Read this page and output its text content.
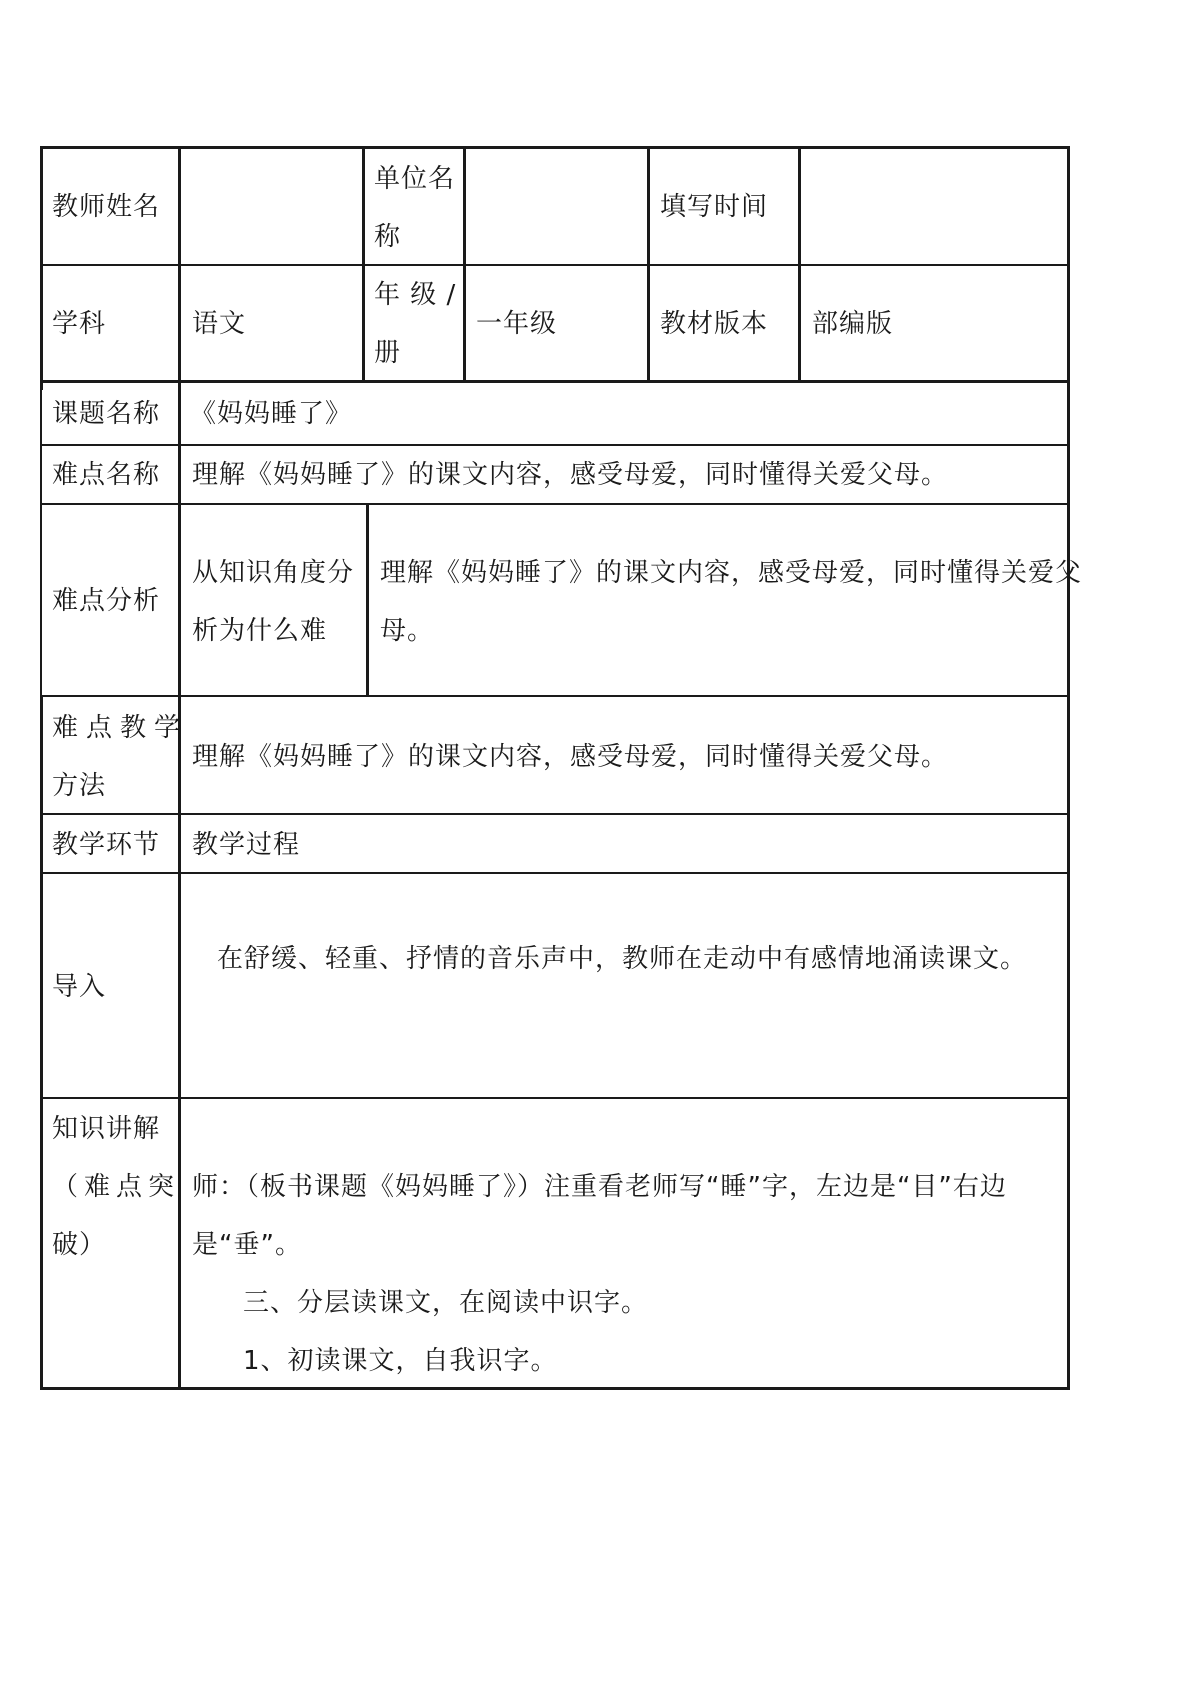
教师姓名
单位名
称
填写时间
学科	语文
年 级 /
册
一年级	教材版本 部编版
课题名称 《妈妈睡了》
难点名称 理解《妈妈睡了》的课文内容，感受母爱，同时懂得关爱父母。
难点分析
从知识角度分
析为什么难
理解《妈妈睡了》的课文内容，感受母爱，同时懂得关爱父
母。
难点教学
方法
理解《妈妈睡了》的课文内容，感受母爱，同时懂得关爱父母。
教学环节 教学过程
导入
在舒缓、轻重、抒情的音乐声中，教师在走动中有感情地涌读课文。
知识讲解
（难点突
破）
师：（板书课题《妈妈睡了》）注重看老师写“睡”字，左边是“目”右边
是“垂”。
三、分层读课文，在阅读中识字。
1、初读课文，自我识字。
